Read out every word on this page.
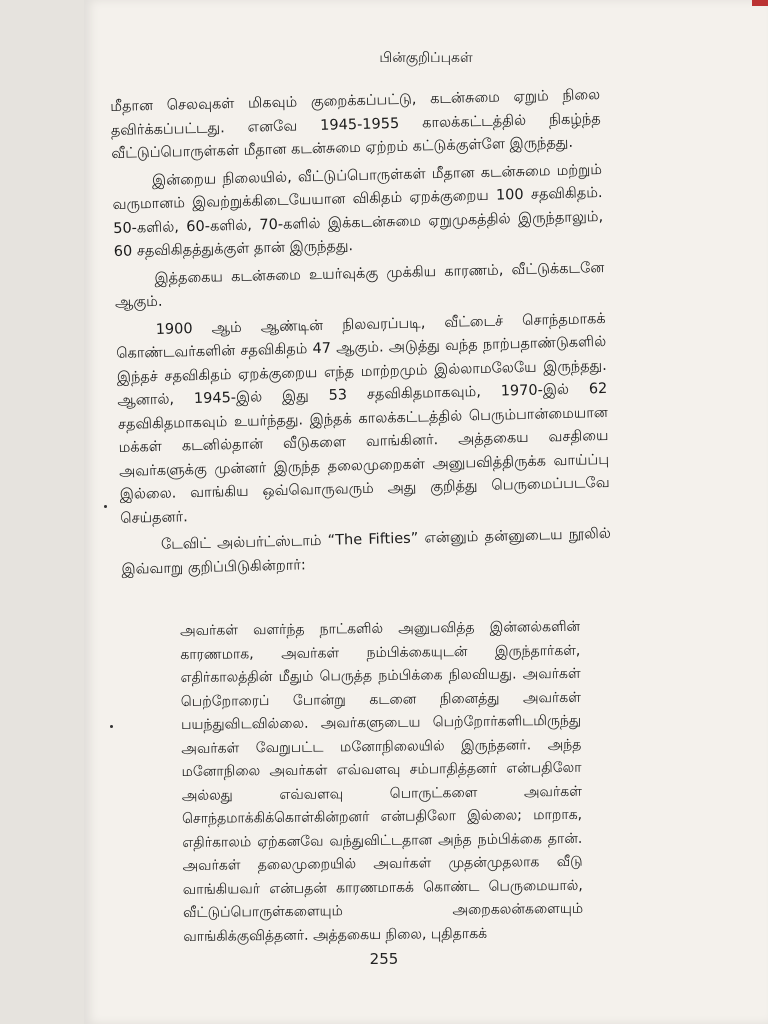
பின்குறிப்புகள்

மீதான செலவுகள் மிகவும் குறைக்கப்பட்டு, கடன்சுமை ஏறும் நிலை தவிர்க்கப்பட்டது. எனவே 1945-1955 காலக்கட்டத்தில் நிகழ்ந்த வீட்டுப்பொருள்கள் மீதான கடன்சுமை ஏற்றம் கட்டுக்குள்ளே இருந்தது.

இன்றைய நிலையில், வீட்டுப்பொருள்கள் மீதான கடன்சுமை மற்றும் வருமானம் இவற்றுக்கிடையேயான விகிதம் ஏறக்குறைய 100 சதவிகிதம். 50-களில், 60-களில், 70-களில் இக்கடன்சுமை ஏறுமுகத்தில் இருந்தாலும், 60 சதவிகிதத்துக்குள் தான் இருந்தது.

இத்தகைய கடன்சுமை உயர்வுக்கு முக்கிய காரணம், வீட்டுக்கடனே ஆகும்.

1900 ஆம் ஆண்டின் நிலவரப்படி, வீட்டைச் சொந்தமாகக் கொண்டவர்களின் சதவிகிதம் 47 ஆகும். அடுத்து வந்த நாற்பதாண்டுகளில் இந்தச் சதவிகிதம் ஏறக்குறைய எந்த மாற்றமும் இல்லாமலேயே இருந்தது. ஆனால், 1945-இல் இது 53 சதவிகிதமாகவும், 1970-இல் 62 சதவிகிதமாகவும் உயர்ந்தது. இந்தக் காலக்கட்டத்தில் பெரும்பான்மையான மக்கள் கடனில்தான் வீடுகளை வாங்கினர். அத்தகைய வசதியை அவர்களுக்கு முன்னர் இருந்த தலைமுறைகள் அனுபவித்திருக்க வாய்ப்பு இல்லை. வாங்கிய ஒவ்வொருவரும் அது குறித்து பெருமைப்படவே செய்தனர்.

டேவிட் அல்பர்ட்ஸ்டாம் “The Fifties” என்னும் தன்னுடைய நூலில் இவ்வாறு குறிப்பிடுகின்றார்:

அவர்கள் வளர்ந்த நாட்களில் அனுபவித்த இன்னல்களின் காரணமாக, அவர்கள் நம்பிக்கையுடன் இருந்தார்கள், எதிர்காலத்தின் மீதும் பெருத்த நம்பிக்கை நிலவியது. அவர்கள் பெற்றோரைப் போன்று கடனை நினைத்து அவர்கள் பயந்துவிடவில்லை. அவர்களுடைய பெற்றோர்களிடமிருந்து அவர்கள் வேறுபட்ட மனோநிலையில் இருந்தனர். அந்த மனோநிலை அவர்கள் எவ்வளவு சம்பாதித்தனர் என்பதிலோ அல்லது எவ்வளவு பொருட்களை அவர்கள் சொந்தமாக்கிக்கொள்கின்றனர் என்பதிலோ இல்லை; மாறாக, எதிர்காலம் ஏற்கனவே வந்துவிட்டதான அந்த நம்பிக்கை தான். அவர்கள் தலைமுறையில் அவர்கள் முதன்முதலாக வீடு வாங்கியவர் என்பதன் காரணமாகக் கொண்ட பெருமையால், வீட்டுப்பொருள்களையும் அறைகலன்களையும் வாங்கிக்குவித்தனர். அத்தகைய நிலை, புதிதாகக்

255
